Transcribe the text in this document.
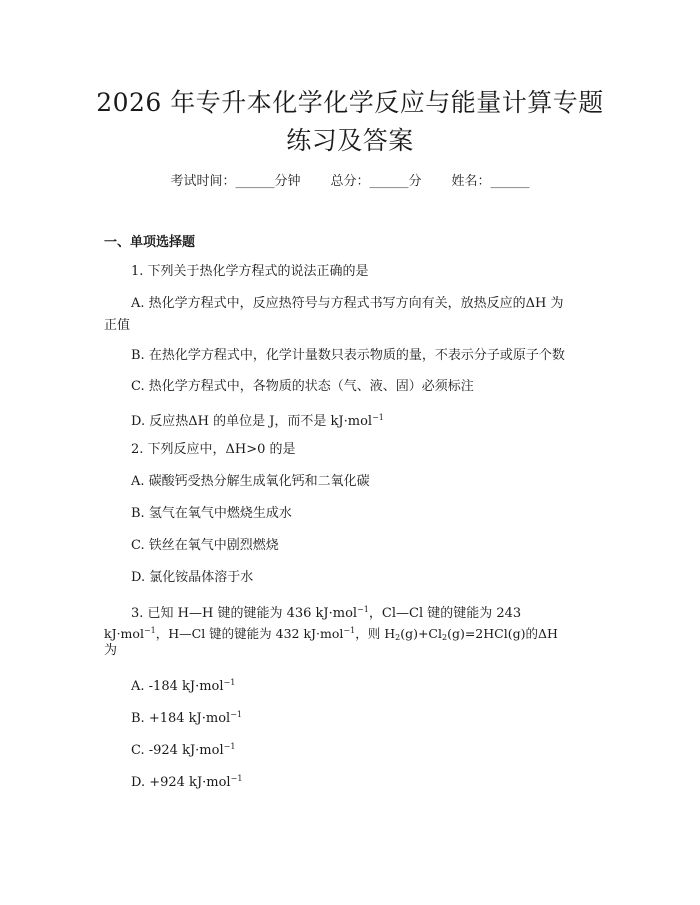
2026 年专升本化学化学反应与能量计算专题
练习及答案
考试时间：______分钟 总分：______分 姓名：______
一、单项选择题
1. 下列关于热化学方程式的说法正确的是
A. 热化学方程式中，反应热符号与方程式书写方向有关，放热反应的ΔH 为
正值
B. 在热化学方程式中，化学计量数只表示物质的量，不表示分子或原子个数
C. 热化学方程式中，各物质的状态（气、液、固）必须标注
D. 反应热ΔH 的单位是 J，而不是 kJ·mol$^{-1}$
2. 下列反应中，ΔH>0 的是
A. 碳酸钙受热分解生成氧化钙和二氧化碳
B. 氢气在氧气中燃烧生成水
C. 铁丝在氧气中剧烈燃烧
D. 氯化铵晶体溶于水
3. 已知 H—H 键的键能为 436 kJ·mol$^{-1}$，Cl—Cl 键的键能为 243
kJ·mol$^{-1}$，H—Cl 键的键能为 432 kJ·mol$^{-1}$，则 $H_2(g)+Cl_2(g)=2HCl(g)$的ΔH
为
A. -184 kJ·mol$^{-1}$
B. +184 kJ·mol$^{-1}$
C. -924 kJ·mol$^{-1}$
D. +924 kJ·mol$^{-1}$
